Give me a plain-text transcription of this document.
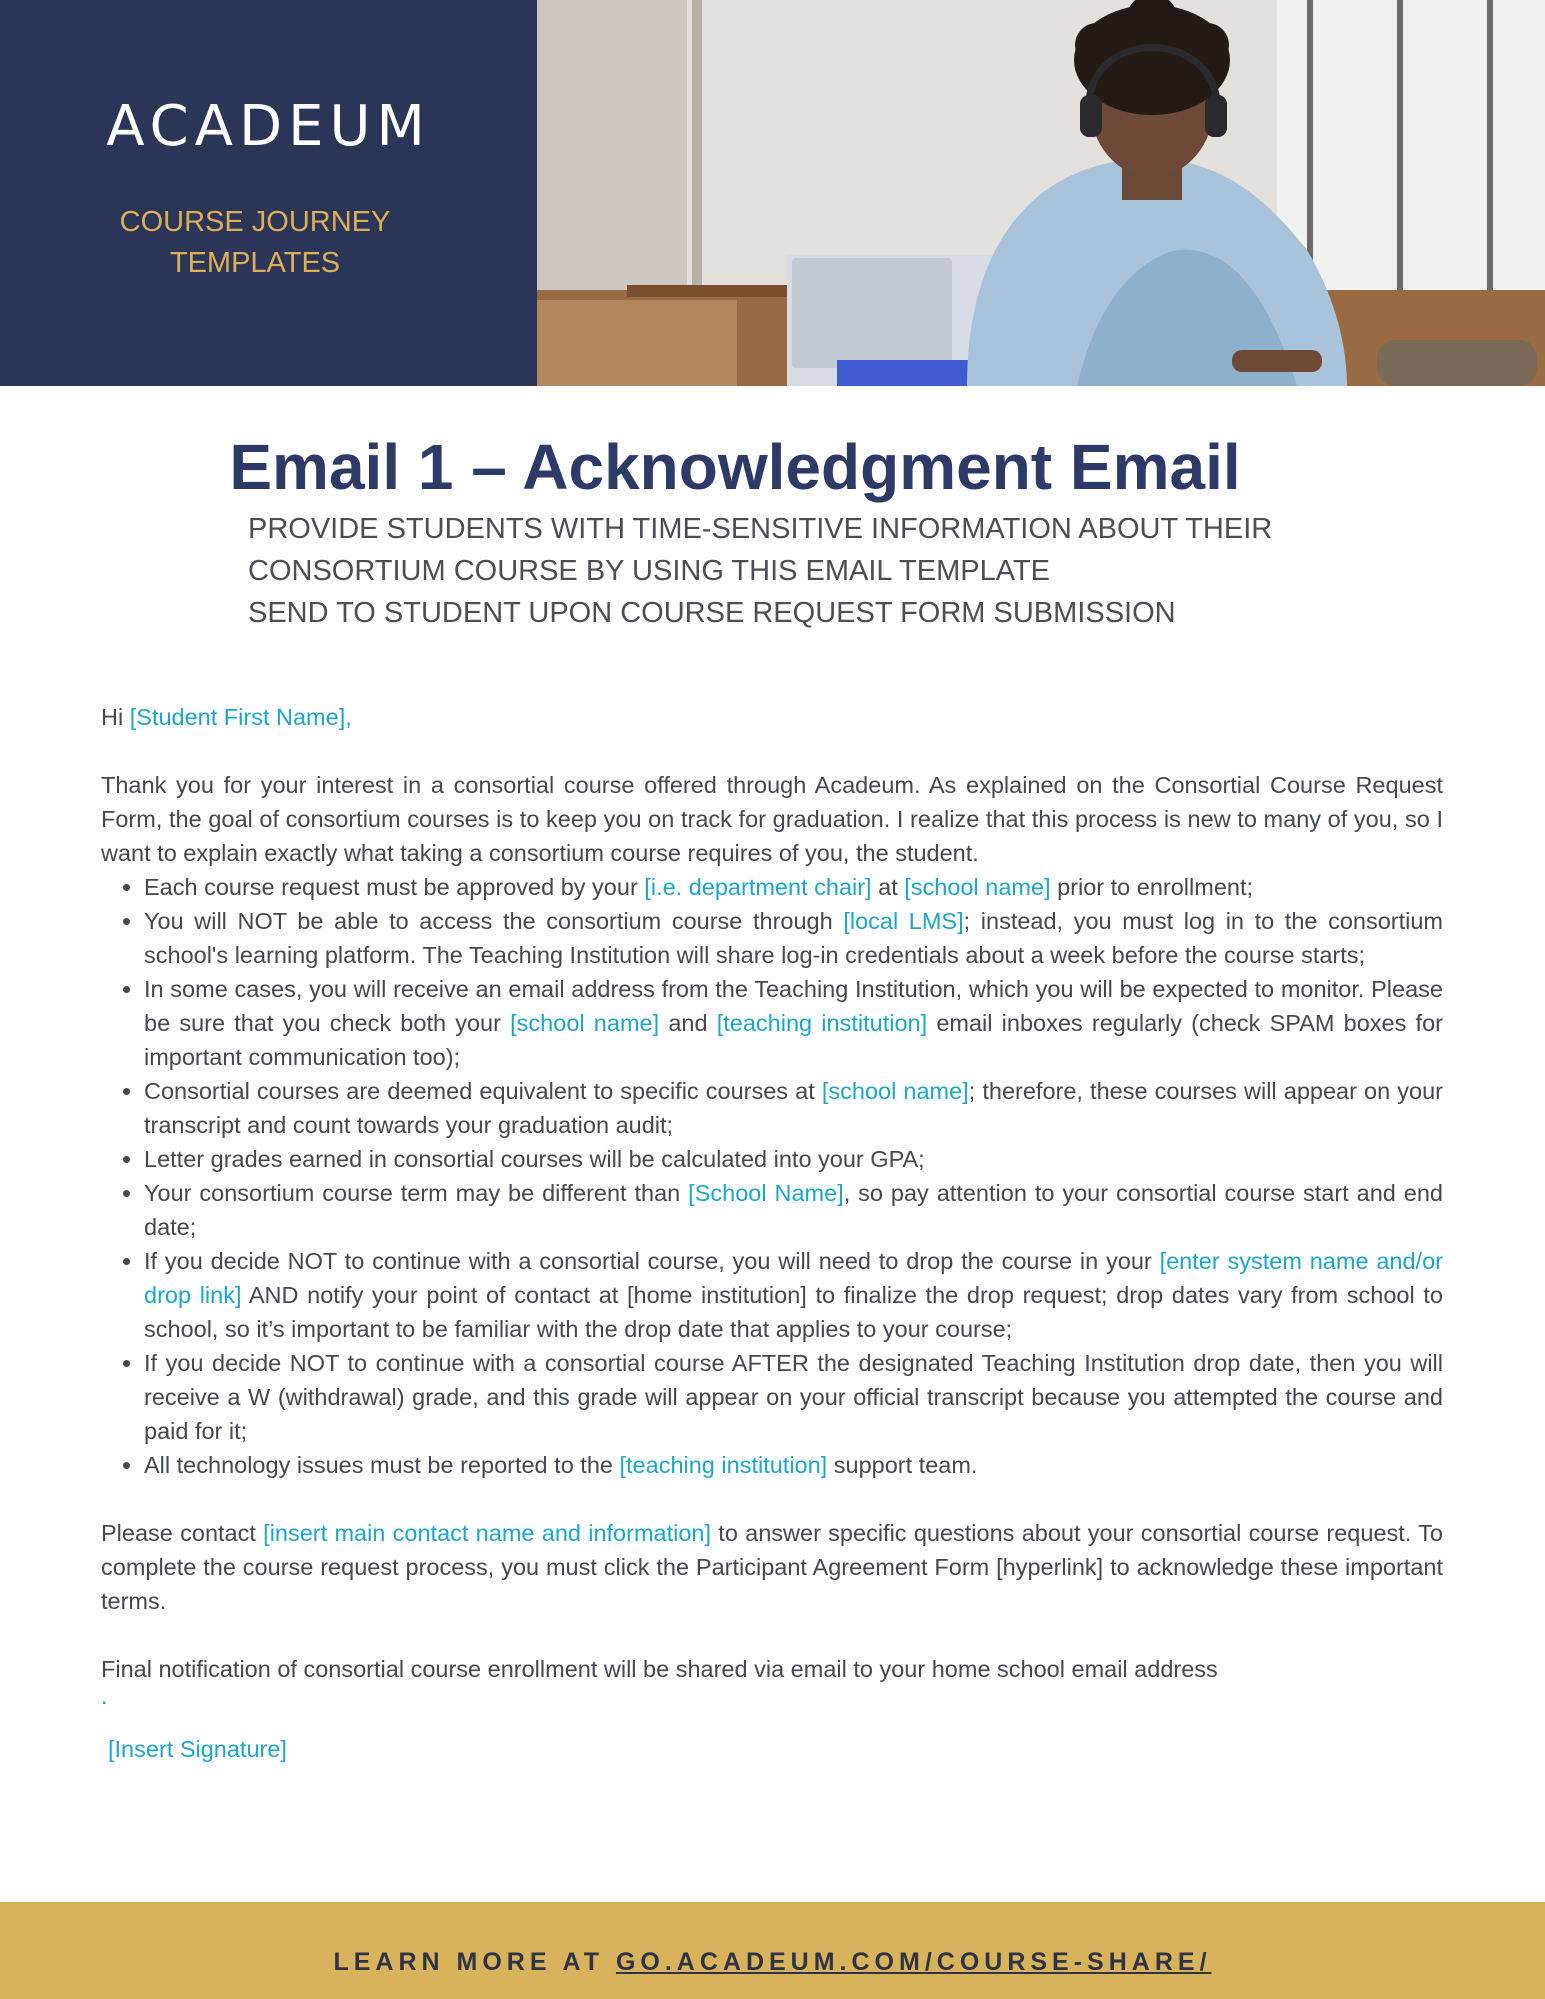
ACADEUM
COURSE JOURNEY
TEMPLATES
Email 1 – Acknowledgment Email
PROVIDE STUDENTS WITH TIME-SENSITIVE INFORMATION ABOUT THEIR
CONSORTIUM COURSE BY USING THIS EMAIL TEMPLATE
SEND TO STUDENT UPON COURSE REQUEST FORM SUBMISSION

Hi [Student First Name],

Thank you for your interest in a consortial course offered through Acadeum. As explained on the Consortial Course Request Form, the goal of consortium courses is to keep you on track for graduation. I realize that this process is new to many of you, so I want to explain exactly what taking a consortium course requires of you, the student.

• Each course request must be approved by your [i.e. department chair] at [school name] prior to enrollment;
• You will NOT be able to access the consortium course through [local LMS]; instead, you must log in to the consortium school's learning platform. The Teaching Institution will share log-in credentials about a week before the course starts;
• In some cases, you will receive an email address from the Teaching Institution, which you will be expected to monitor. Please be sure that you check both your [school name] and [teaching institution] email inboxes regularly (check SPAM boxes for important communication too);
• Consortial courses are deemed equivalent to specific courses at [school name]; therefore, these courses will appear on your transcript and count towards your graduation audit;
• Letter grades earned in consortial courses will be calculated into your GPA;
• Your consortium course term may be different than [School Name], so pay attention to your consortial course start and end date;
• If you decide NOT to continue with a consortial course, you will need to drop the course in your [enter system name and/or drop link] AND notify your point of contact at [home institution] to finalize the drop request; drop dates vary from school to school, so it’s important to be familiar with the drop date that applies to your course;
• If you decide NOT to continue with a consortial course AFTER the designated Teaching Institution drop date, then you will receive a W (withdrawal) grade, and this grade will appear on your official transcript because you attempted the course and paid for it;
• All technology issues must be reported to the [teaching institution] support team.

Please contact [insert main contact name and information] to answer specific questions about your consortial course request. To complete the course request process, you must click the Participant Agreement Form [hyperlink] to acknowledge these important terms.

Final notification of consortial course enrollment will be shared via email to your home school email address

.

[Insert Signature]

LEARN MORE AT GO.ACADEUM.COM/COURSE-SHARE/
